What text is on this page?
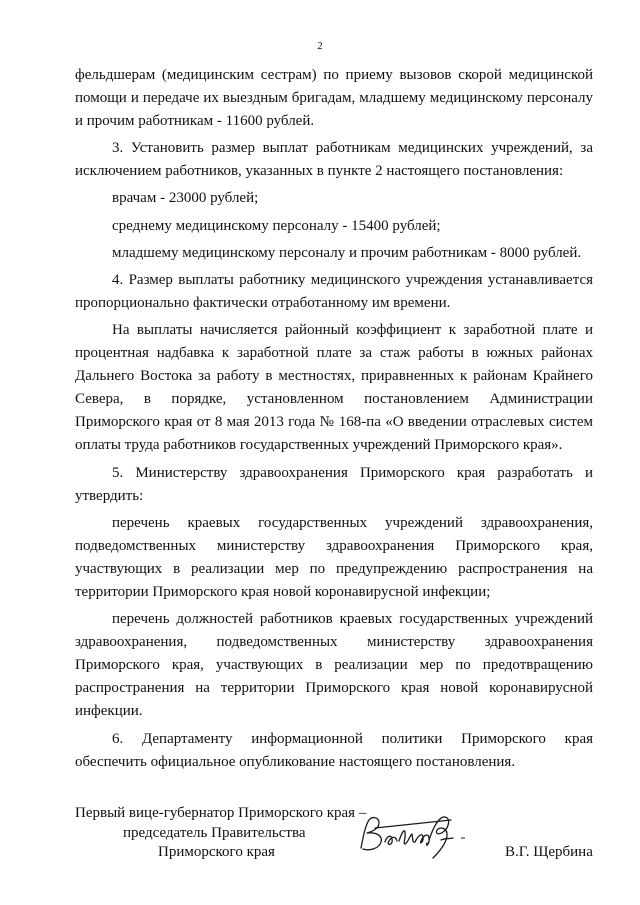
2

фельдшерам (медицинским сестрам) по приему вызовов скорой медицинской помощи и передаче их выездным бригадам, младшему медицинскому персоналу и прочим работникам - 11600 рублей.

3. Установить размер выплат работникам медицинских учреждений, за исключением работников, указанных в пункте 2 настоящего постановления:

врачам - 23000 рублей;

среднему медицинскому персоналу - 15400 рублей;

младшему медицинскому персоналу и прочим работникам - 8000 рублей.

4. Размер выплаты работнику медицинского учреждения устанавливается пропорционально фактически отработанному им времени.

На выплаты начисляется районный коэффициент к заработной плате и процентная надбавка к заработной плате за стаж работы в южных районах Дальнего Востока за работу в местностях, приравненных к районам Крайнего Севера, в порядке, установленном постановлением Администрации Приморского края от 8 мая 2013 года № 168-па «О введении отраслевых систем оплаты труда работников государственных учреждений Приморского края».

5. Министерству здравоохранения Приморского края разработать и утвердить:

перечень краевых государственных учреждений здравоохранения, подведомственных министерству здравоохранения Приморского края, участвующих в реализации мер по предупреждению распространения на территории Приморского края новой коронавирусной инфекции;

перечень должностей работников краевых государственных учреждений здравоохранения, подведомственных министерству здравоохранения Приморского края, участвующих в реализации мер по предотвращению распространения на территории Приморского края новой коронавирусной инфекции.

6. Департаменту информационной политики Приморского края обеспечить официальное опубликование настоящего постановления.

Первый вице-губернатор Приморского края –
председатель Правительства
Приморского края	В.Г. Щербина
